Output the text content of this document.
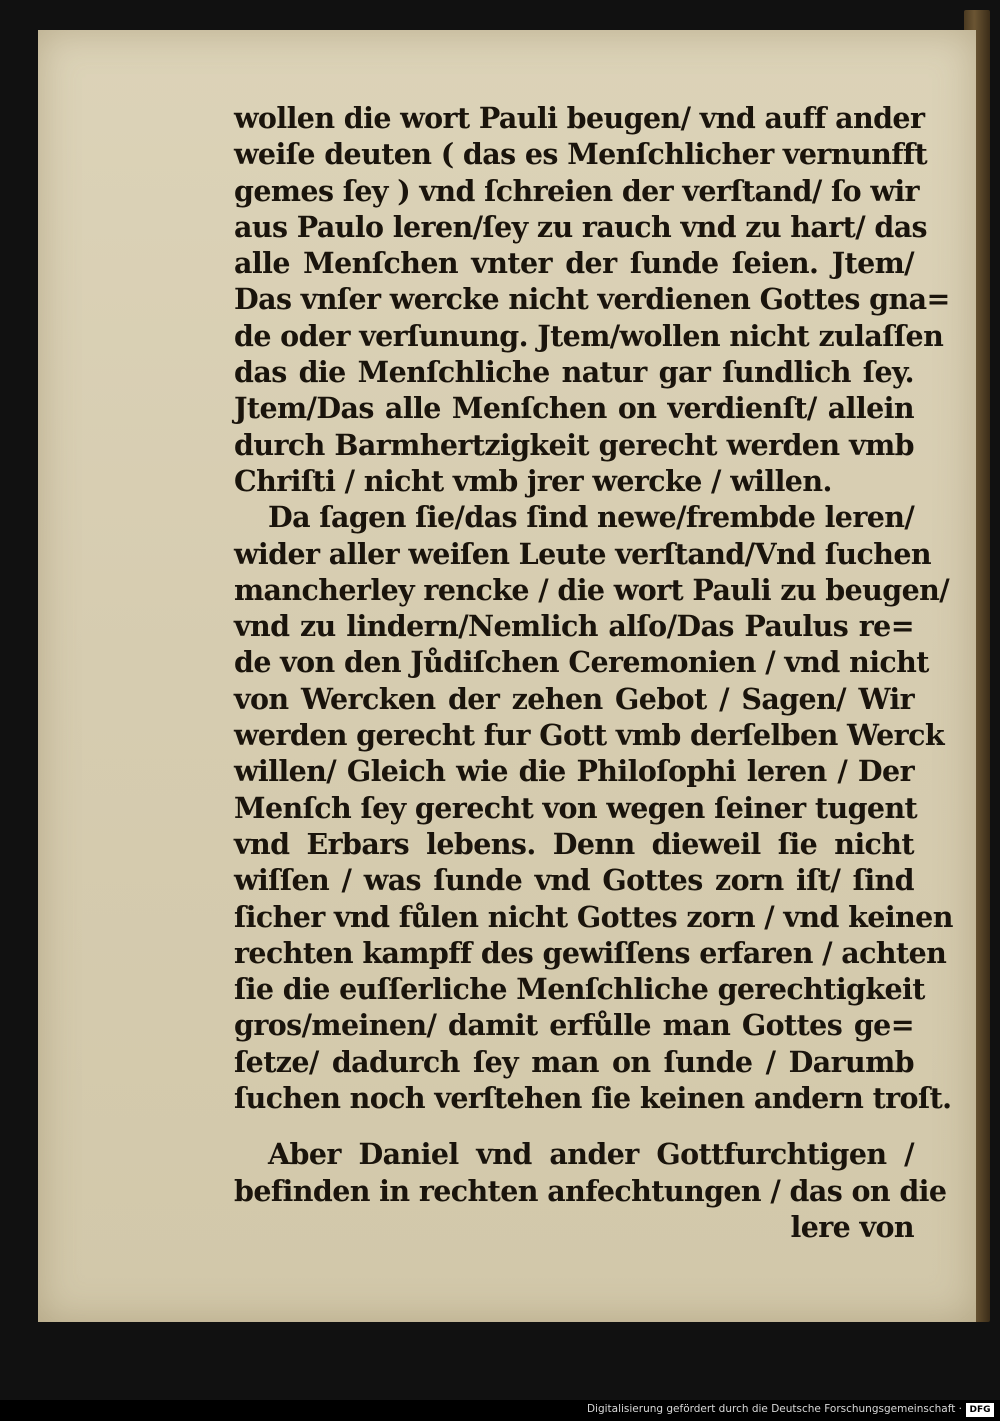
wollen die wort Pauli beugen/ vnd auff ander
weiſe deuten ( das es Menſchlicher vernunfft
gemes ſey ) vnd ſchreien der verſtand/ ſo wir
aus Paulo leren/ſey zu rauch vnd zu hart/ das
alle Menſchen vnter der ſunde ſeien. Jtem/
Das vnſer wercke nicht verdienen Gottes gna=
de oder verſunung. Jtem/wollen nicht zulaſſen
das die Menſchliche natur gar ſundlich ſey.
Jtem/Das alle Menſchen on verdienſt/ allein
durch Barmhertzigkeit gerecht werden vmb
Chriſti / nicht vmb jrer wercke / willen.
Da ſagen ſie/das ſind newe/frembde leren/
wider aller weiſen Leute verſtand/Vnd ſuchen
mancherley rencke / die wort Pauli zu beugen/
vnd zu lindern/Nemlich alſo/Das Paulus re=
de von den Jůdiſchen Ceremonien / vnd nicht
von Wercken der zehen Gebot / Sagen/ Wir
werden gerecht fur Gott vmb derſelben Werck
willen/ Gleich wie die Philoſophi leren / Der
Menſch ſey gerecht von wegen ſeiner tugent
vnd Erbars lebens. Denn dieweil ſie nicht
wiſſen / was ſunde vnd Gottes zorn iſt/ ſind
ſicher vnd fůlen nicht Gottes zorn / vnd keinen
rechten kampff des gewiſſens erfaren / achten
ſie die euſſerliche Menſchliche gerechtigkeit
gros/meinen/ damit erfůlle man Gottes ge=
ſetze/ dadurch ſey man on ſunde / Darumb
ſuchen noch verſtehen ſie keinen andern troſt.
Aber Daniel vnd ander Gottfurchtigen /
befinden in rechten anfechtungen / das on die
lere von
Digitalisierung gefördert durch die Deutsche Forschungsgemeinschaft · DFG
